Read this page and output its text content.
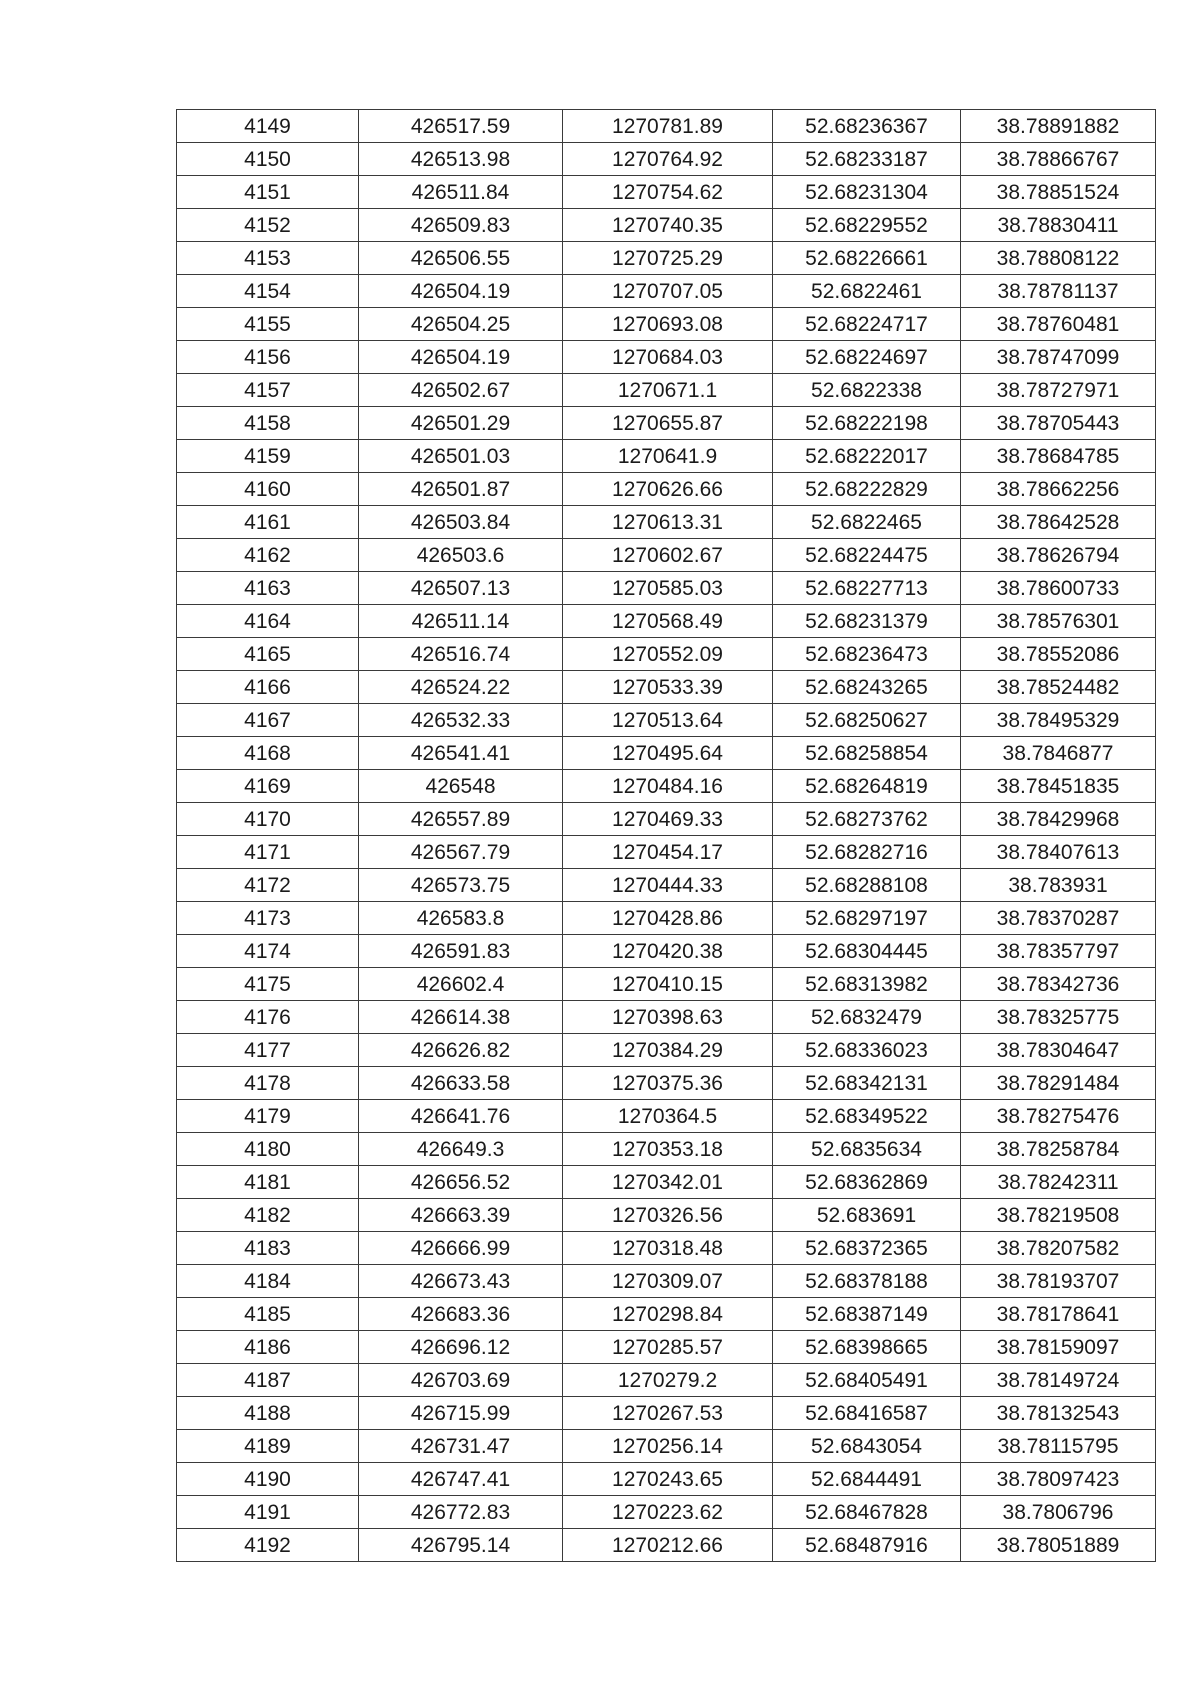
4149	426517.59	1270781.89	52.68236367	38.78891882
4150	426513.98	1270764.92	52.68233187	38.78866767
4151	426511.84	1270754.62	52.68231304	38.78851524
4152	426509.83	1270740.35	52.68229552	38.78830411
4153	426506.55	1270725.29	52.68226661	38.78808122
4154	426504.19	1270707.05	52.6822461	38.78781137
4155	426504.25	1270693.08	52.68224717	38.78760481
4156	426504.19	1270684.03	52.68224697	38.78747099
4157	426502.67	1270671.1	52.6822338	38.78727971
4158	426501.29	1270655.87	52.68222198	38.78705443
4159	426501.03	1270641.9	52.68222017	38.78684785
4160	426501.87	1270626.66	52.68222829	38.78662256
4161	426503.84	1270613.31	52.6822465	38.78642528
4162	426503.6	1270602.67	52.68224475	38.78626794
4163	426507.13	1270585.03	52.68227713	38.78600733
4164	426511.14	1270568.49	52.68231379	38.78576301
4165	426516.74	1270552.09	52.68236473	38.78552086
4166	426524.22	1270533.39	52.68243265	38.78524482
4167	426532.33	1270513.64	52.68250627	38.78495329
4168	426541.41	1270495.64	52.68258854	38.7846877
4169	426548	1270484.16	52.68264819	38.78451835
4170	426557.89	1270469.33	52.68273762	38.78429968
4171	426567.79	1270454.17	52.68282716	38.78407613
4172	426573.75	1270444.33	52.68288108	38.783931
4173	426583.8	1270428.86	52.68297197	38.78370287
4174	426591.83	1270420.38	52.68304445	38.78357797
4175	426602.4	1270410.15	52.68313982	38.78342736
4176	426614.38	1270398.63	52.6832479	38.78325775
4177	426626.82	1270384.29	52.68336023	38.78304647
4178	426633.58	1270375.36	52.68342131	38.78291484
4179	426641.76	1270364.5	52.68349522	38.78275476
4180	426649.3	1270353.18	52.6835634	38.78258784
4181	426656.52	1270342.01	52.68362869	38.78242311
4182	426663.39	1270326.56	52.683691	38.78219508
4183	426666.99	1270318.48	52.68372365	38.78207582
4184	426673.43	1270309.07	52.68378188	38.78193707
4185	426683.36	1270298.84	52.68387149	38.78178641
4186	426696.12	1270285.57	52.68398665	38.78159097
4187	426703.69	1270279.2	52.68405491	38.78149724
4188	426715.99	1270267.53	52.68416587	38.78132543
4189	426731.47	1270256.14	52.6843054	38.78115795
4190	426747.41	1270243.65	52.6844491	38.78097423
4191	426772.83	1270223.62	52.68467828	38.7806796
4192	426795.14	1270212.66	52.68487916	38.78051889
